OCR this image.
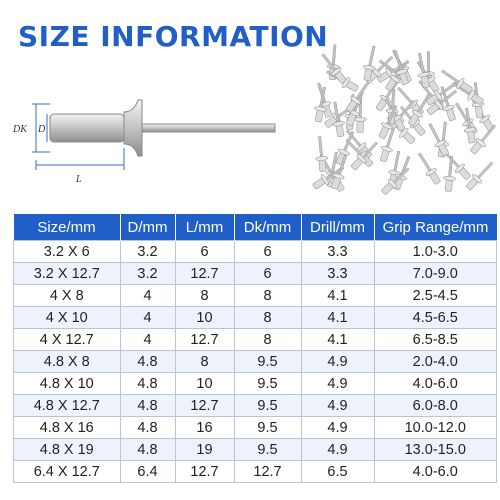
SIZE INFORMATION
DK D
L
Size/mm	D/mm	L/mm	Dk/mm	Drill/mm	Grip Range/mm
3.2 X 6	3.2	6	6	3.3	1.0-3.0
3.2 X 12.7	3.2	12.7	6	3.3	7.0-9.0
4 X 8	4	8	8	4.1	2.5-4.5
4 X 10	4	10	8	4.1	4.5-6.5
4 X 12.7	4	12.7	8	4.1	6.5-8.5
4.8 X 8	4.8	8	9.5	4.9	2.0-4.0
4.8 X 10	4.8	10	9.5	4.9	4.0-6.0
4.8 X 12.7	4.8	12.7	9.5	4.9	6.0-8.0
4.8 X 16	4.8	16	9.5	4.9	10.0-12.0
4.8 X 19	4.8	19	9.5	4.9	13.0-15.0
6.4 X 12.7	6.4	12.7	12.7	6.5	4.0-6.0
